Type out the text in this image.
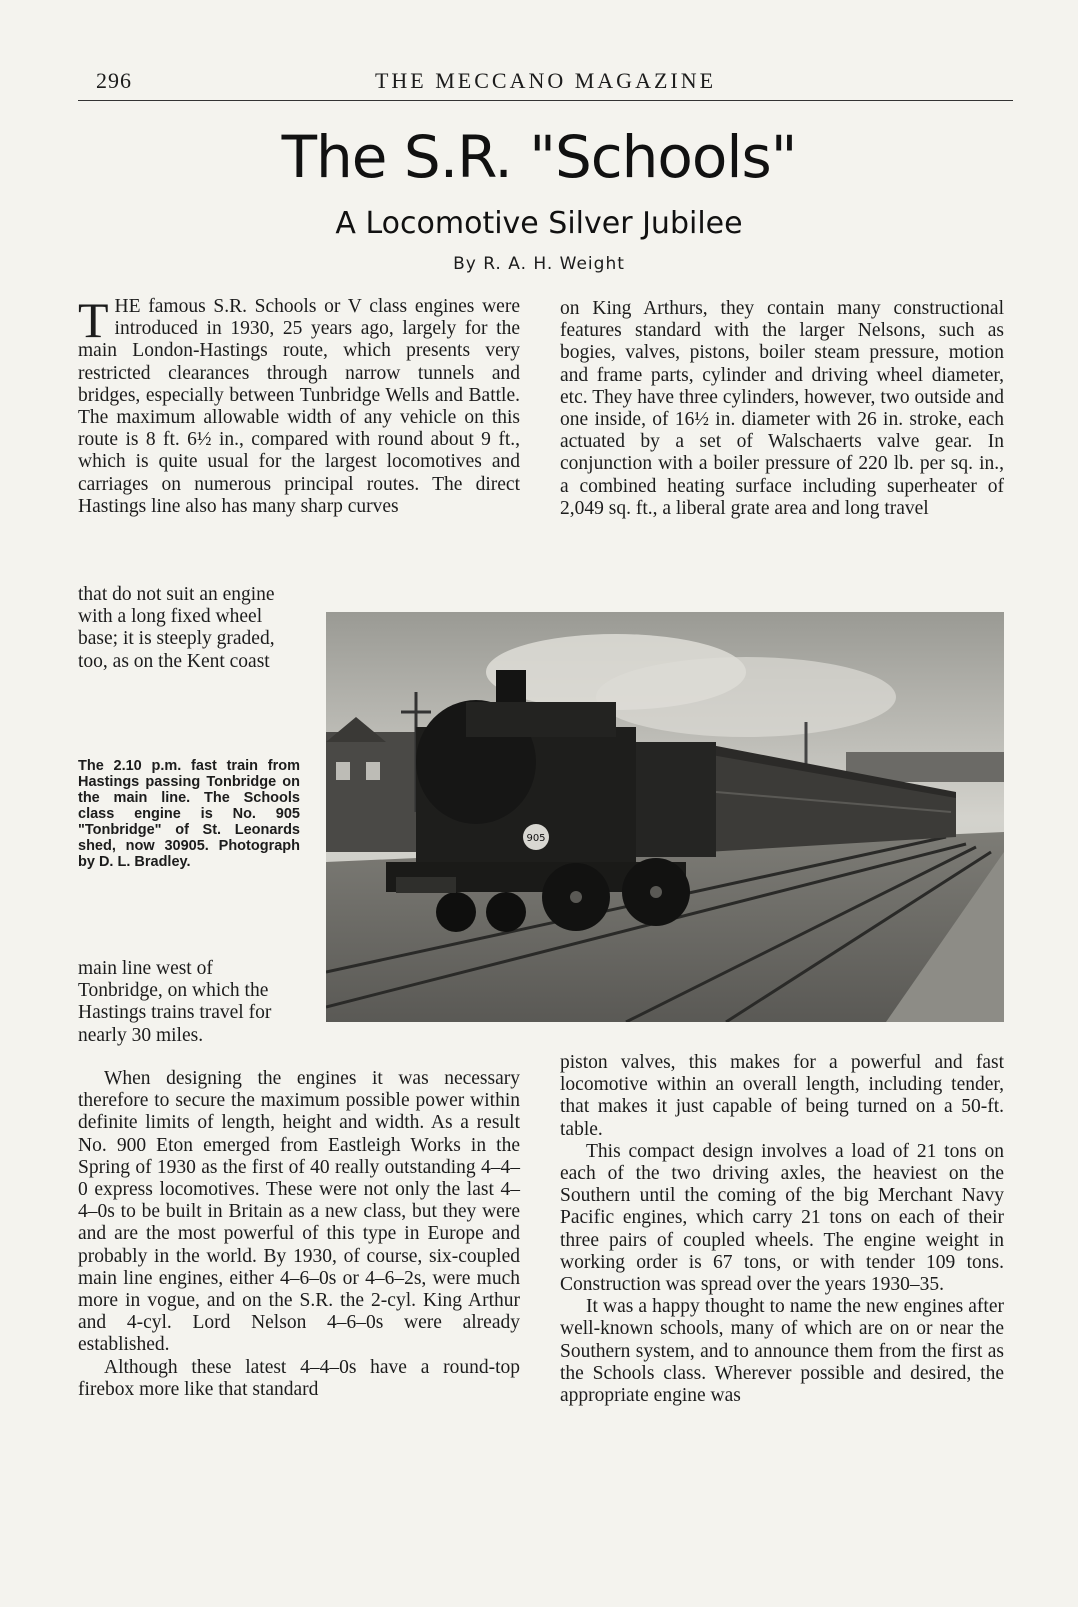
296	THE MECCANO MAGAZINE
The S.R. "Schools"
A Locomotive Silver Jubilee
By R. A. H. Weight

THE famous S.R. Schools or V class engines were introduced in 1930, 25 years ago, largely for the main London-Hastings route, which presents very restricted clearances through narrow tunnels and bridges, especially between Tunbridge Wells and Battle. The maximum allowable width of any vehicle on this route is 8 ft. 6½ in., compared with round about 9 ft., which is quite usual for the largest locomotives and carriages on numerous principal routes. The direct Hastings line also has many sharp curves

that do not suit an engine with a long fixed wheel base; it is steeply graded, too, as on the Kent coast

The 2.10 p.m. fast train from Hastings passing Tonbridge on the main line. The Schools class engine is No. 905 "Tonbridge" of St. Leonards shed, now 30905. Photograph by D. L. Bradley.

main line west of Tonbridge, on which the Hastings trains travel for nearly 30 miles.

When designing the engines it was necessary therefore to secure the maximum possible power within definite limits of length, height and width. As a result No. 900 Eton emerged from Eastleigh Works in the Spring of 1930 as the first of 40 really outstanding 4–4–0 express locomotives. These were not only the last 4–4–0s to be built in Britain as a new class, but they were and are the most powerful of this type in Europe and probably in the world. By 1930, of course, six-coupled main line engines, either 4–6–0s or 4–6–2s, were much more in vogue, and on the S.R. the 2-cyl. King Arthur and 4-cyl. Lord Nelson 4–6–0s were already established.

Although these latest 4–4–0s have a round-top firebox more like that standard

on King Arthurs, they contain many constructional features standard with the larger Nelsons, such as bogies, valves, pistons, boiler steam pressure, motion and frame parts, cylinder and driving wheel diameter, etc. They have three cylinders, however, two outside and one inside, of 16½ in. diameter with 26 in. stroke, each actuated by a set of Walschaerts valve gear. In conjunction with a boiler pressure of 220 lb. per sq. in., a combined heating surface including superheater of 2,049 sq. ft., a liberal grate area and long travel

piston valves, this makes for a powerful and fast locomotive within an overall length, including tender, that makes it just capable of being turned on a 50-ft. table.

This compact design involves a load of 21 tons on each of the two driving axles, the heaviest on the Southern until the coming of the big Merchant Navy Pacific engines, which carry 21 tons on each of their three pairs of coupled wheels. The engine weight in working order is 67 tons, or with tender 109 tons. Construction was spread over the years 1930–35.

It was a happy thought to name the new engines after well-known schools, many of which are on or near the Southern system, and to announce them from the first as the Schools class. Wherever possible and desired, the appropriate engine was

905
